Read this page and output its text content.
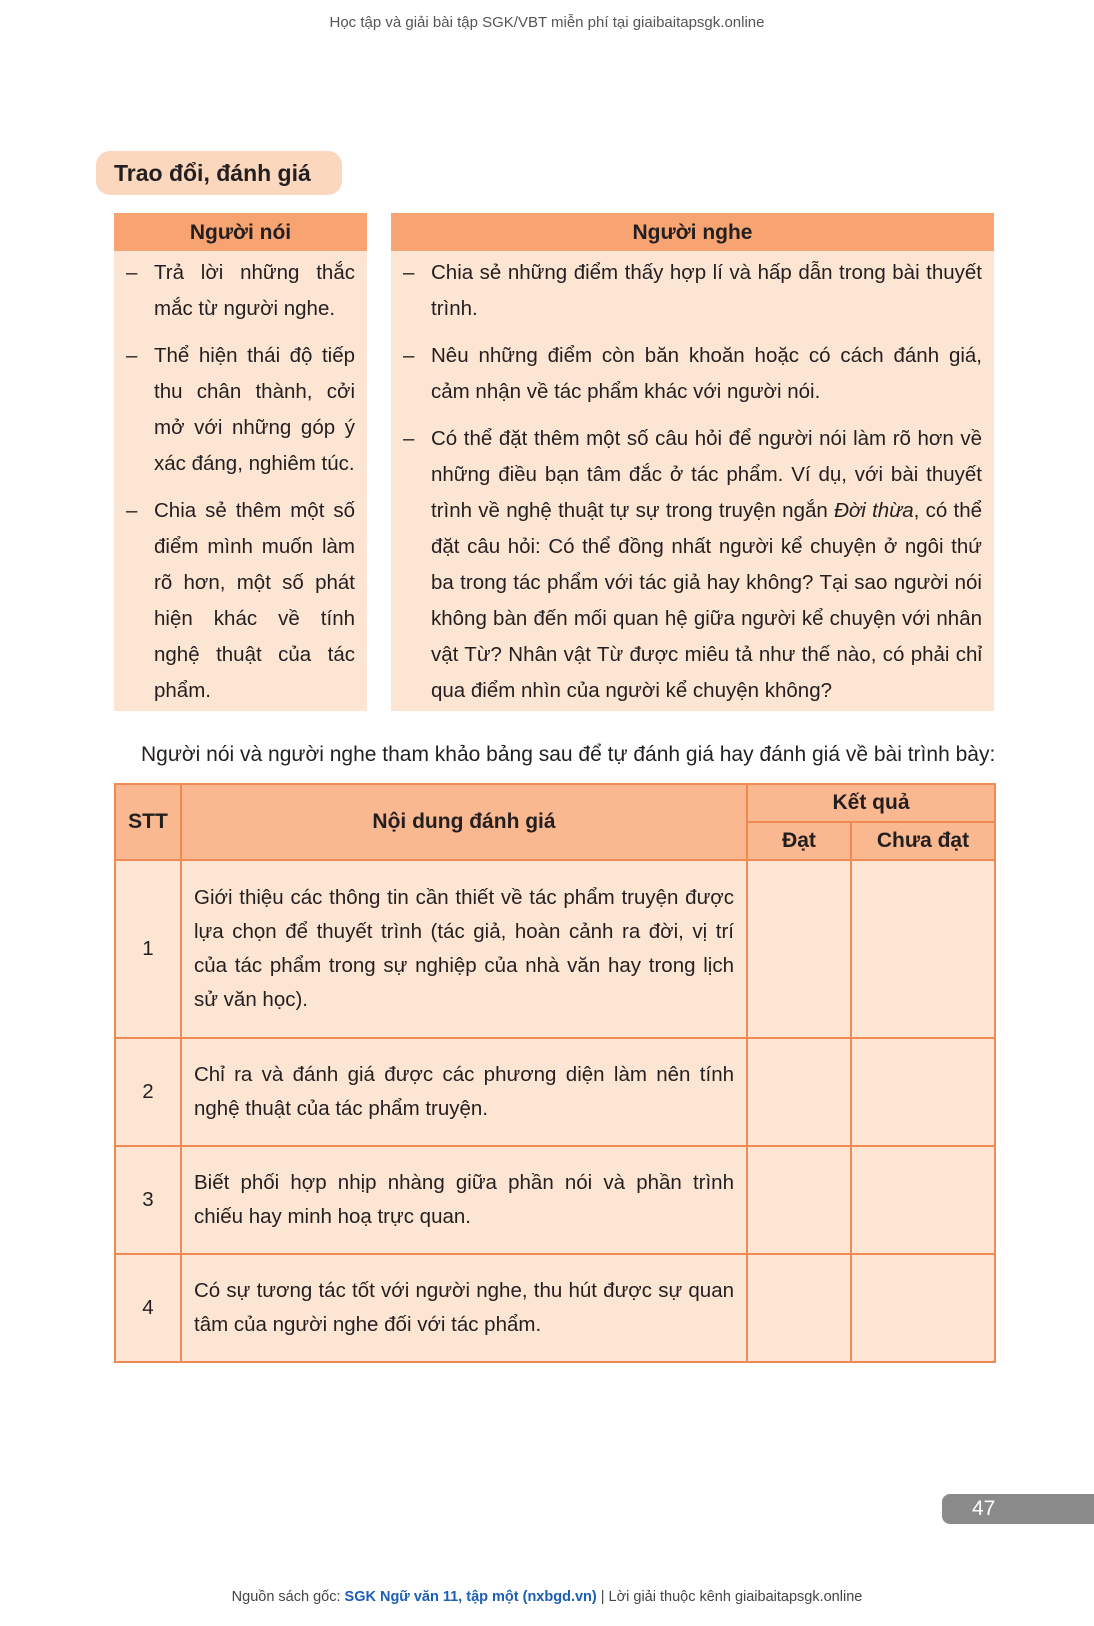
Học tập và giải bài tập SGK/VBT miễn phí tại giaibaitapsgk.online
Trao đổi, đánh giá
Người nói
– Trả lời những thắc mắc từ người nghe.
– Thể hiện thái độ tiếp thu chân thành, cởi mở với những góp ý xác đáng, nghiêm túc.
– Chia sẻ thêm một số điểm mình muốn làm rõ hơn, một số phát hiện khác về tính nghệ thuật của tác phẩm.
Người nghe
– Chia sẻ những điểm thấy hợp lí và hấp dẫn trong bài thuyết trình.
– Nêu những điểm còn băn khoăn hoặc có cách đánh giá, cảm nhận về tác phẩm khác với người nói.
– Có thể đặt thêm một số câu hỏi để người nói làm rõ hơn về những điều bạn tâm đắc ở tác phẩm. Ví dụ, với bài thuyết trình về nghệ thuật tự sự trong truyện ngắn Đời thừa, có thể đặt câu hỏi: Có thể đồng nhất người kể chuyện ở ngôi thứ ba trong tác phẩm với tác giả hay không? Tại sao người nói không bàn đến mối quan hệ giữa người kể chuyện với nhân vật Từ? Nhân vật Từ được miêu tả như thế nào, có phải chỉ qua điểm nhìn của người kể chuyện không?
Người nói và người nghe tham khảo bảng sau để tự đánh giá hay đánh giá về bài trình bày:
STT	Nội dung đánh giá	Kết quả	
		Đạt	Chưa đạt
1	Giới thiệu các thông tin cần thiết về tác phẩm truyện được lựa chọn để thuyết trình (tác giả, hoàn cảnh ra đời, vị trí của tác phẩm trong sự nghiệp của nhà văn hay trong lịch sử văn học).		
2	Chỉ ra và đánh giá được các phương diện làm nên tính nghệ thuật của tác phẩm truyện.		
3	Biết phối hợp nhịp nhàng giữa phần nói và phần trình chiếu hay minh hoạ trực quan.		
4	Có sự tương tác tốt với người nghe, thu hút được sự quan tâm của người nghe đối với tác phẩm.		
47
Nguồn sách gốc: SGK Ngữ văn 11, tập một (nxbgd.vn) | Lời giải thuộc kênh giaibaitapsgk.online
